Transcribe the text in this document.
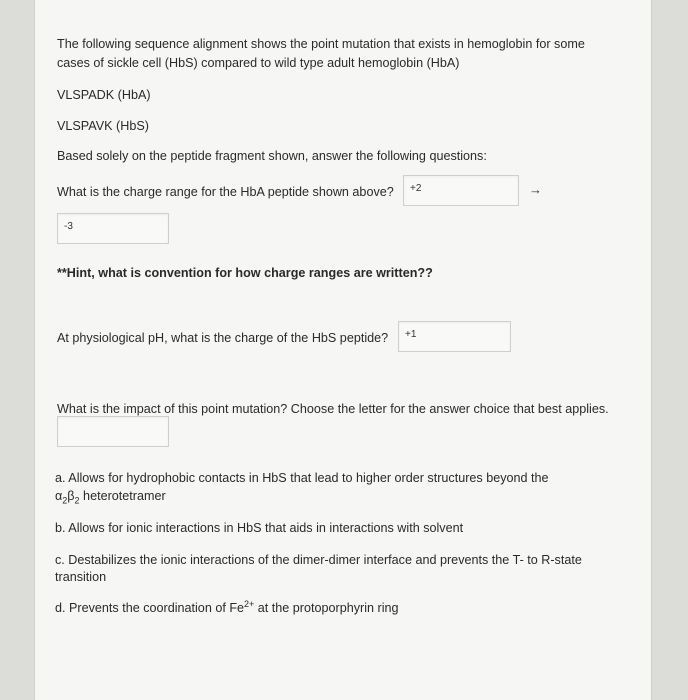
The following sequence alignment shows the point mutation that exists in hemoglobin for some
cases of sickle cell (HbS) compared to wild type adult hemoglobin (HbA)
VLSPADK (HbA)
VLSPAVK (HbS)
Based solely on the peptide fragment shown, answer the following questions:
What is the charge range for the HbA peptide shown above? +2	→
-3
**Hint, what is convention for how charge ranges are written??
At physiological pH, what is the charge of the HbS peptide? +1
What is the impact of this point mutation? Choose the letter for the answer choice that best applies.
a. Allows for hydrophobic contacts in HbS that lead to higher order structures beyond the
$\alpha_2\beta_2$ heterotetramer
b. Allows for ionic interactions in HbS that aids in interactions with solvent
c. Destabilizes the ionic interactions of the dimer-dimer interface and prevents the T- to R-state
transition
d. Prevents the coordination of $Fe^{2+}$ at the protoporphyrin ring
